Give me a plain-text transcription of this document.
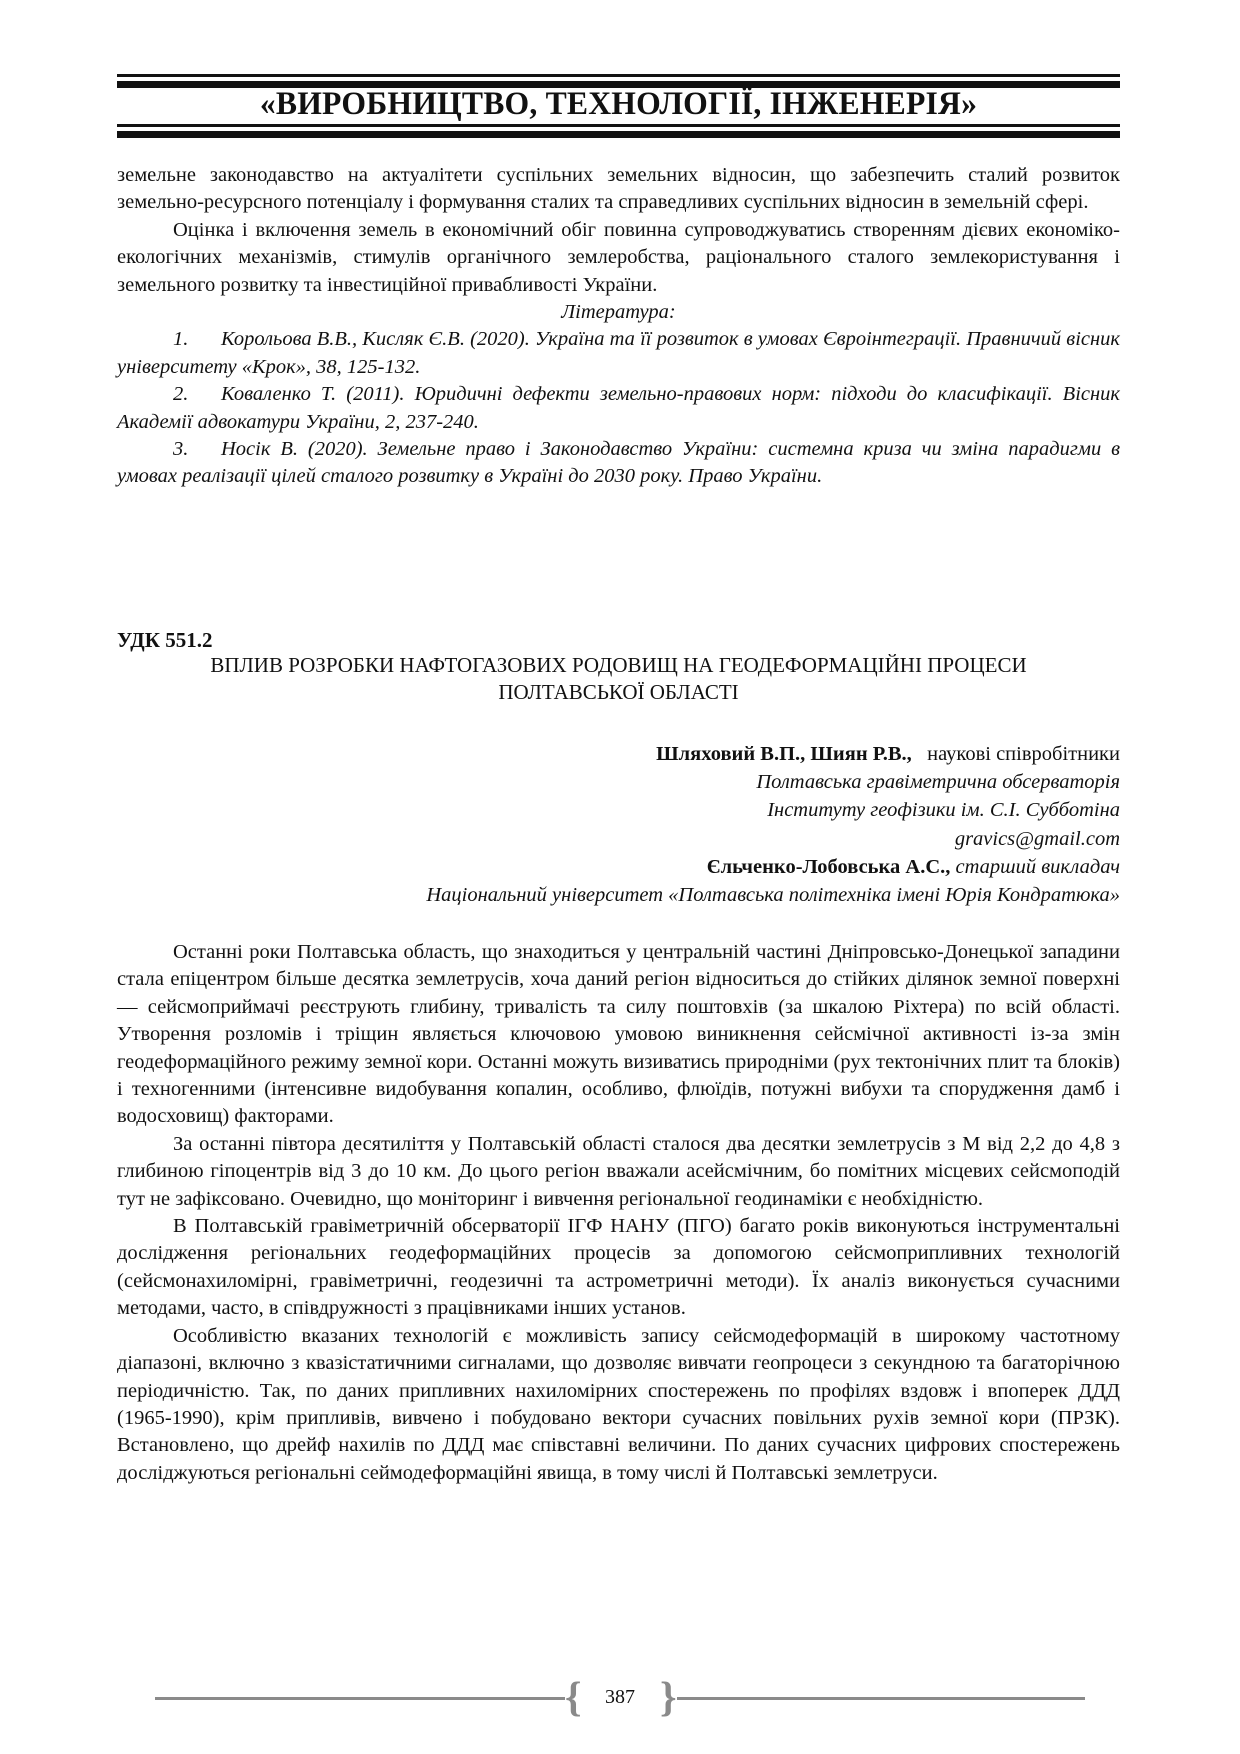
«ВИРОБНИЦТВО, ТЕХНОЛОГІЇ, ІНЖЕНЕРІЯ»

земельне законодавство на актуалітети суспільних земельних відносин, що забезпечить сталий розвиток земельно-ресурсного потенціалу і формування сталих та справедливих суспільних відносин в земельній сфері.

Оцінка і включення земель в економічний обіг повинна супроводжуватись створенням дієвих економіко-екологічних механізмів, стимулів органічного землеробства, раціонального сталого землекористування і земельного розвитку та інвестиційної привабливості України.

Література:

1. Корольова В.В., Кисляк Є.В. (2020). Україна та її розвиток в умовах Євроінтеграції. Правничий вісник університету «Крок», 38, 125-132.

2. Коваленко Т. (2011). Юридичні дефекти земельно-правових норм: підходи до класифікації. Вісник Академії адвокатури України, 2, 237-240.

3. Носік В. (2020). Земельне право і Законодавство України: системна криза чи зміна парадигми в умовах реалізації цілей сталого розвитку в Україні до 2030 року. Право України.

УДК 551.2
ВПЛИВ РОЗРОБКИ НАФТОГАЗОВИХ РОДОВИЩ НА ГЕОДЕФОРМАЦІЙНІ ПРОЦЕСИ
ПОЛТАВСЬКОЇ ОБЛАСТІ
Шляховий В.П., Шиян Р.В., наукові співробітники
Полтавська гравіметрична обсерваторія
Інституту геофізики ім. С.І. Субботіна
gravics@gmail.com
Єльченко-Лобовська А.С., старший викладач
Національний університет «Полтавська політехніка імені Юрія Кондратюка»

Останні роки Полтавська область, що знаходиться у центральній частині Дніпровсько-Донецької западини стала епіцентром більше десятка землетрусів, хоча даний регіон відноситься до стійких ділянок земної поверхні — сейсмоприймачі реєструють глибину, тривалість та силу поштовхів (за шкалою Ріхтера) по всій області. Утворення розломів і тріщин являється ключовою умовою виникнення сейсмічної активності із-за змін геодеформаційного режиму земної кори. Останні можуть визиватись природніми (рух тектонічних плит та блоків) і техногенними (інтенсивне видобування копалин, особливо, флюїдів, потужні вибухи та спорудження дамб і водосховищ) факторами.

За останні півтора десятиліття у Полтавській області сталося два десятки землетрусів з М від 2,2 до 4,8 з глибиною гіпоцентрів від 3 до 10 км. До цього регіон вважали асейсмічним, бо помітних місцевих сейсмоподій тут не зафіксовано. Очевидно, що моніторинг і вивчення регіональної геодинаміки є необхідністю.

В Полтавській гравіметричній обсерваторії ІГФ НАНУ (ПГО) багато років виконуються інструментальні дослідження регіональних геодеформаційних процесів за допомогою сейсмоприпливних технологій (сейсмонахиломірні, гравіметричні, геодезичні та астрометричні методи). Їх аналіз виконується сучасними методами, часто, в співдружності з працівниками інших установ.

Особливістю вказаних технологій є можливість запису сейсмодеформацій в широкому частотному діапазоні, включно з квазістатичними сигналами, що дозволяє вивчати геопроцеси з секундною та багаторічною періодичністю. Так, по даних припливних нахиломірних спостережень по профілях вздовж і впоперек ДДД (1965-1990), крім припливів, вивчено і побудовано вектори сучасних повільних рухів земної кори (ПРЗК). Встановлено, що дрейф нахилів по ДДД має співставні величини. По даних сучасних цифрових спостережень досліджуються регіональні сеймодеформаційні явища, в тому числі й Полтавські землетруси.

{	387 }
